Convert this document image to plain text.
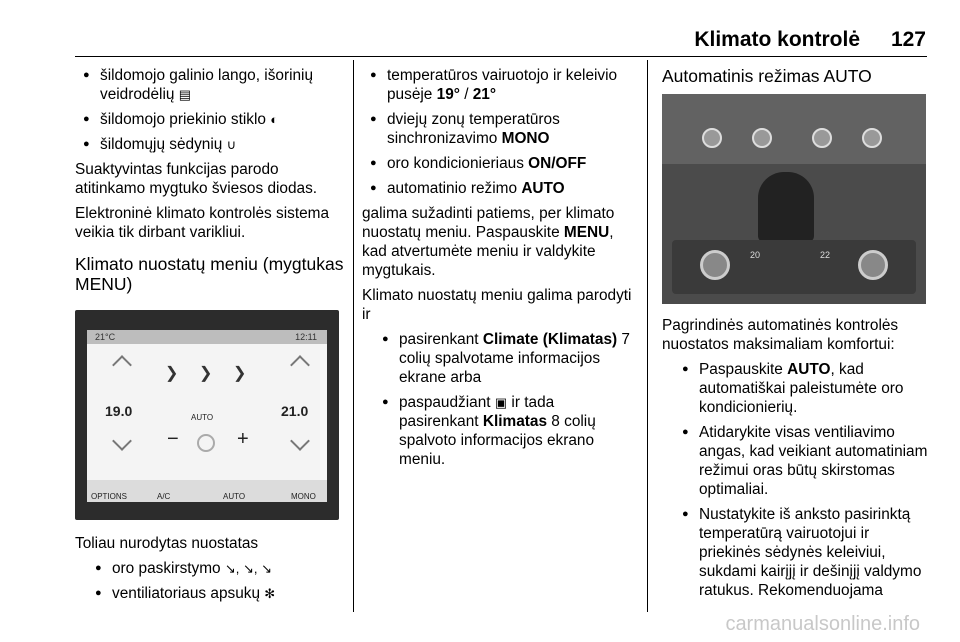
Klimato kontrolė 127
● šildomojo galinio lango, išorinių veidrodėlių ▤
● šildomojo priekinio stiklo ◐
● šildomųjų sėdynių ∪

Suaktyvintas funkcijas parodo atitinkamo mygtuko šviesos diodas.

Elektroninė klimato kontrolės sistema veikia tik dirbant varikliui.

Klimato nuostatų meniu (mygtukas MENU)
21°C	12:11
❯ ❯ ❯
19.0	21.0
AUTO
−	+
OPTIONS	A/C	AUTO	MONO

Toliau nurodytas nuostatas

● oro paskirstymo ↘, ↘, ↘
● ventiliatoriaus apsukų ✻
● temperatūros vairuotojo ir keleivio pusėje 19° / 21°
● dviejų zonų temperatūros sinchronizavimo MONO
● oro kondicionieriaus ON/OFF
● automatinio režimo AUTO

galima sužadinti patiems, per klimato nuostatų meniu. Paspauskite MENU, kad atvertumėte meniu ir valdykite mygtukais.

Klimato nuostatų meniu galima parodyti ir

● pasirenkant Climate (Klimatas) 7 colių spalvotame informacijos ekrane arba
● paspaudžiant ▣ ir tada pasirenkant Klimatas 8 colių spalvoto informacijos ekrano meniu.
Automatinis režimas AUTO
20	22

Pagrindinės automatinės kontrolės nuostatos maksimaliam komfortui:

● Paspauskite AUTO, kad automatiškai paleistumėte oro kondicionierių.
● Atidarykite visas ventiliavimo angas, kad veikiant automatiniam režimui oras būtų skirstomas optimaliai.
● Nustatykite iš anksto pasirinktą temperatūrą vairuotojui ir priekinės sėdynės keleiviui, sukdami kairįjį ir dešinįjį valdymo ratukus. Rekomenduojama
carmanualsonline.info
